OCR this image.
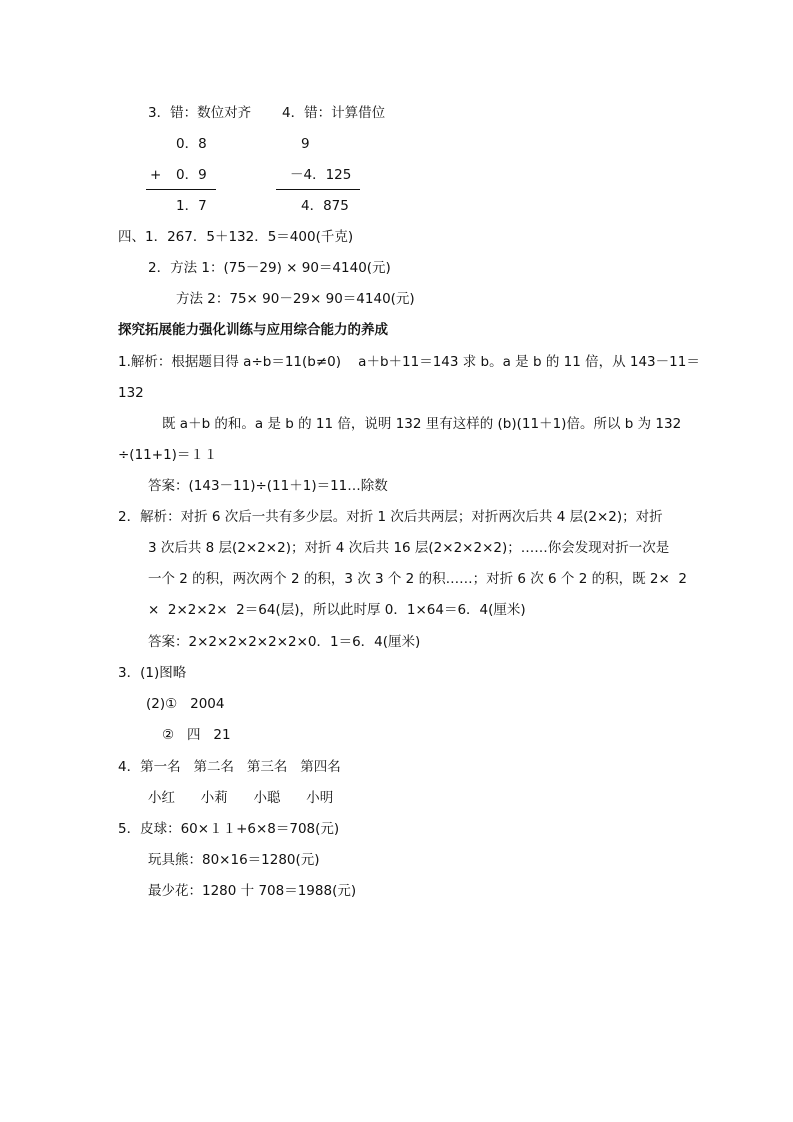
3．错：数位对齐 4．错：计算借位
0．8	9
+ 0．9	－4．125
1．7	4．875
四、1．267．5＋132．5＝400(千克)
2．方法 1：(75－29) × 90＝4140(元)
方法 2：75× 90－29× 90＝4140(元)
探究拓展能力强化训练与应用综合能力的养成
1.解析：根据题目得 a÷b＝11(b≠0)    a＋b＋11＝143 求 b。a 是 b 的 11 倍，从 143－11＝
132
既 a＋b 的和。a 是 b 的 11 倍，说明 132 里有这样的 (b)(11＋1)倍。所以 b 为 132
÷(11+1)＝１１
答案：(143－11)÷(11＋1)＝11…除数
2．解析：对折 6 次后一共有多少层。对折 1 次后共两层；对折两次后共 4 层(2×2)；对折
3 次后共 8 层(2×2×2)；对折 4 次后共 16 层(2×2×2×2)；……你会发现对折一次是
一个 2 的积，两次两个 2 的积，3 次 3 个 2 的积……；对折 6 次 6 个 2 的积，既 2×  2
×  2×2×2×  2＝64(层)，所以此时厚 0．1×64＝6．4(厘米)
答案：2×2×2×2×2×2×0．1＝6．4(厘米)
3．(1)图略
(2)①   2004
②   四   21
4．第一名   第二名   第三名   第四名
小红      小莉      小聪      小明
5．皮球：60×１１+6×8＝708(元)
玩具熊：80×16＝1280(元)
最少花：1280 十 708＝1988(元)
